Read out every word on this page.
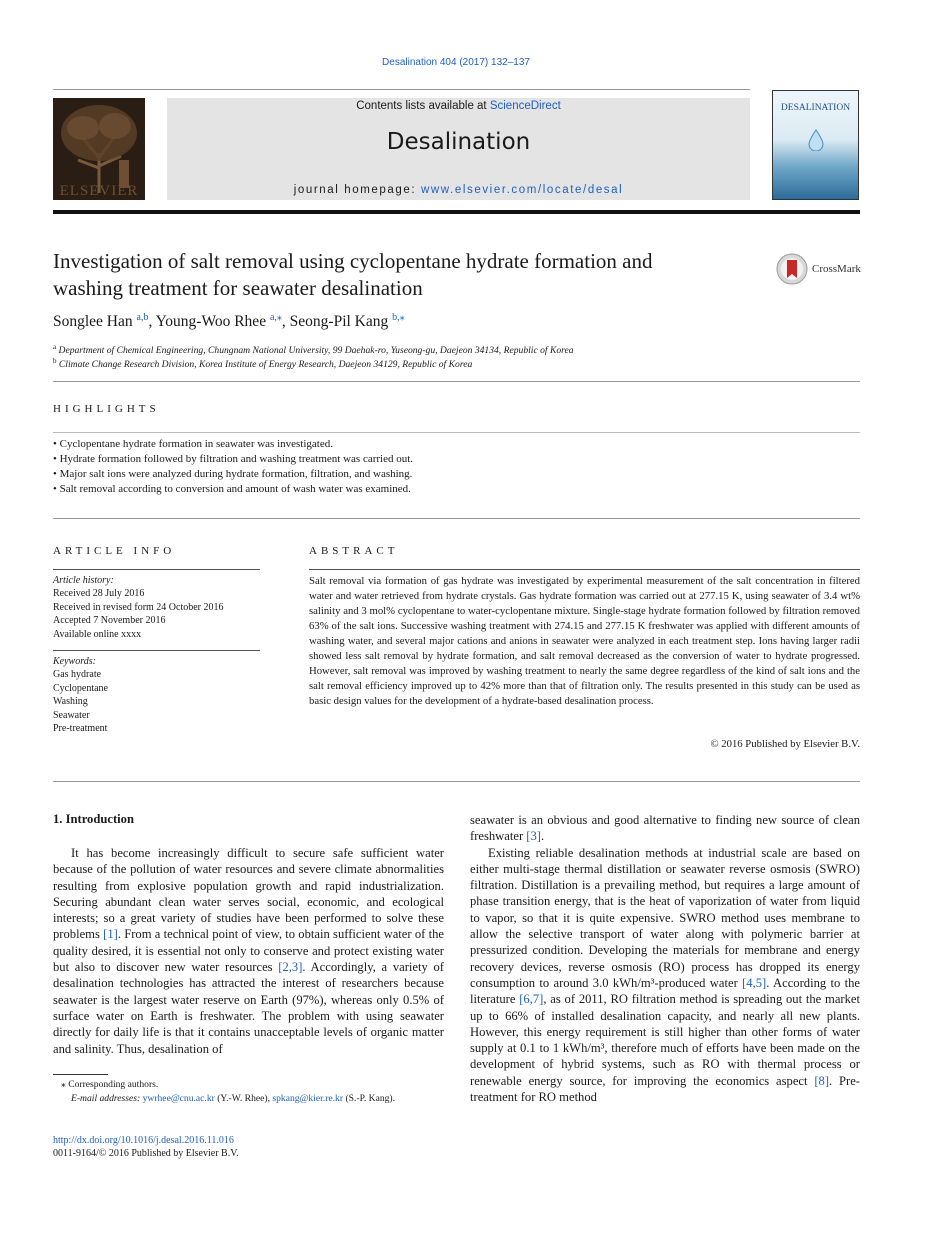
Desalination 404 (2017) 132–137
ELSEVIER
Contents lists available at ScienceDirect
Desalination
journal homepage: www.elsevier.com/locate/desal
DESALINATION
Investigation of salt removal using cyclopentane hydrate formation and
washing treatment for seawater desalination
CrossMark
Songlee Han $^{a,b}$, Young-Woo Rhee $^{a,⁎}$, Seong-Pil Kang $^{b,⁎}$
$^a$ Department of Chemical Engineering, Chungnam National University, 99 Daehak-ro, Yuseong-gu, Daejeon 34134, Republic of Korea
$^b$ Climate Change Research Division, Korea Institute of Energy Research, Daejeon 34129, Republic of Korea
HIGHLIGHTS
• Cyclopentane hydrate formation in seawater was investigated.
• Hydrate formation followed by filtration and washing treatment was carried out.
• Major salt ions were analyzed during hydrate formation, filtration, and washing.
• Salt removal according to conversion and amount of wash water was examined.
ARTICLE INFO
Article history:
Received 28 July 2016
Received in revised form 24 October 2016
Accepted 7 November 2016
Available online xxxx
Keywords:
Gas hydrate
Cyclopentane
Washing
Seawater
Pre-treatment
ABSTRACT
Salt removal via formation of gas hydrate was investigated by experimental measurement of the salt concentration in filtered water and water retrieved from hydrate crystals. Gas hydrate formation was carried out at 277.15 K, using seawater of 3.4 wt% salinity and 3 mol% cyclopentane to water-cyclopentane mixture. Single-stage hydrate formation followed by filtration removed 63% of the salt ions. Successive washing treatment with 274.15 and 277.15 K freshwater was applied with different amounts of washing water, and several major cations and anions in seawater were analyzed in each treatment step. Ions having larger radii showed less salt removal by hydrate formation, and salt removal decreased as the conversion of water to hydrate progressed. However, salt removal was improved by washing treatment to nearly the same degree regardless of the kind of salt ions and the salt removal efficiency improved up to 42% more than that of filtration only. The results presented in this study can be used as basic design values for the development of a hydrate-based desalination process.
© 2016 Published by Elsevier B.V.
1. Introduction
It has become increasingly difficult to secure safe sufficient water because of the pollution of water resources and severe climate abnormalities resulting from explosive population growth and rapid industrialization. Securing abundant clean water serves social, economic, and ecological interests; so a great variety of studies have been performed to solve these problems [1]. From a technical point of view, to obtain sufficient water of the quality desired, it is essential not only to conserve and protect existing water but also to discover new water resources [2,3]. Accordingly, a variety of desalination technologies has attracted the interest of researchers because seawater is the largest water reserve on Earth (97%), whereas only 0.5% of surface water on Earth is freshwater. The problem with using seawater directly for daily life is that it contains unacceptable levels of organic matter and salinity. Thus, desalination of

seawater is an obvious and good alternative to finding new source of clean freshwater [3].

Existing reliable desalination methods at industrial scale are based on either multi-stage thermal distillation or seawater reverse osmosis (SWRO) filtration. Distillation is a prevailing method, but requires a large amount of phase transition energy, that is the heat of vaporization of water from liquid to vapor, so that it is quite expensive. SWRO method uses membrane to allow the selective transport of water along with polymeric barrier at pressurized condition. Developing the materials for membrane and energy recovery devices, reverse osmosis (RO) process has dropped its energy consumption to around 3.0 kWh/m³-produced water [4,5]. According to the literature [6,7], as of 2011, RO filtration method is spreading out the market up to 66% of installed desalination capacity, and nearly all new plants. However, this energy requirement is still higher than other forms of water supply at 0.1 to 1 kWh/m³, therefore much of efforts have been made on the development of hybrid systems, such as RO with thermal process or renewable energy source, for improving the economics aspect [8]. Pre-treatment for RO method

⁎ Corresponding authors.
E-mail addresses: ywrhee@cnu.ac.kr (Y.-W. Rhee), spkang@kier.re.kr (S.-P. Kang).
http://dx.doi.org/10.1016/j.desal.2016.11.016
0011-9164/© 2016 Published by Elsevier B.V.
